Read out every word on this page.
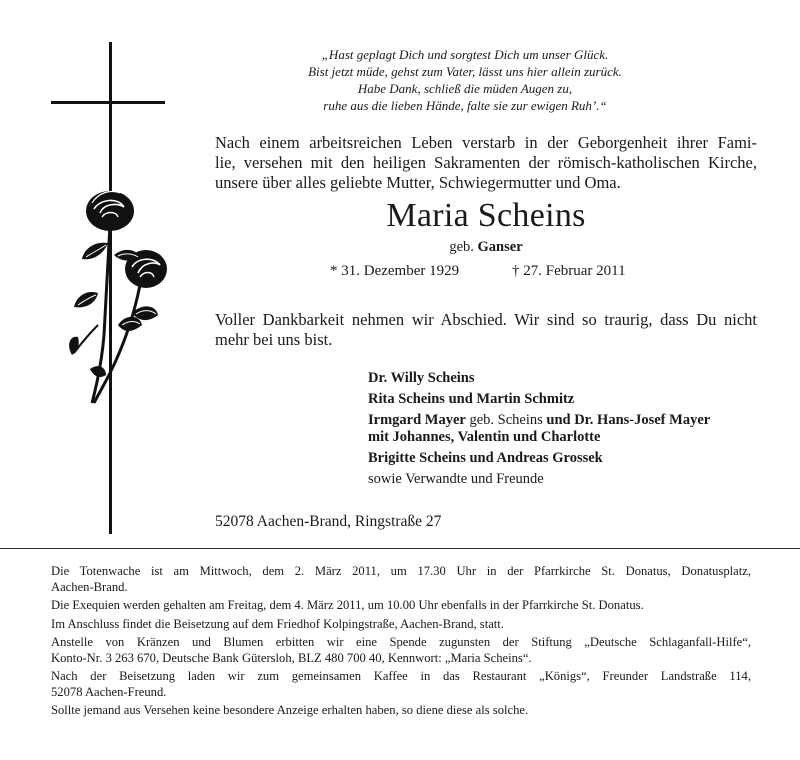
„Hast geplagt Dich und sorgtest Dich um unser Glück.
Bist jetzt müde, gehst zum Vater, lässt uns hier allein zurück.
Habe Dank, schließ die müden Augen zu,
ruhe aus die lieben Hände, falte sie zur ewigen Ruh’.“
Nach einem arbeitsreichen Leben verstarb in der Geborgenheit ihrer Fami-
lie, versehen mit den heiligen Sakramenten der römisch-katholischen Kirche,
unsere über alles geliebte Mutter, Schwiegermutter und Oma.
Maria Scheins
geb. Ganser
* 31. Dezember 1929	† 27. Februar 2011
Voller Dankbarkeit nehmen wir Abschied. Wir sind so traurig, dass Du nicht
mehr bei uns bist.
Dr. Willy Scheins
Rita Scheins und Martin Schmitz
Irmgard Mayer geb. Scheins und Dr. Hans-Josef Mayer
mit Johannes, Valentin und Charlotte
Brigitte Scheins und Andreas Grossek
sowie Verwandte und Freunde
52078 Aachen-Brand, Ringstraße 27
Die Totenwache ist am Mittwoch, dem 2. März 2011, um 17.30 Uhr in der Pfarrkirche St. Donatus, Donatusplatz,
Aachen-Brand.
Die Exequien werden gehalten am Freitag, dem 4. März 2011, um 10.00 Uhr ebenfalls in der Pfarrkirche St. Donatus.
Im Anschluss findet die Beisetzung auf dem Friedhof Kolpingstraße, Aachen-Brand, statt.
Anstelle von Kränzen und Blumen erbitten wir eine Spende zugunsten der Stiftung „Deutsche Schlaganfall-Hilfe“,
Konto-Nr. 3 263 670, Deutsche Bank Gütersloh, BLZ 480 700 40, Kennwort: „Maria Scheins“.
Nach der Beisetzung laden wir zum gemeinsamen Kaffee in das Restaurant „Königs“, Freunder Landstraße 114,
52078 Aachen-Freund.
Sollte jemand aus Versehen keine besondere Anzeige erhalten haben, so diene diese als solche.
